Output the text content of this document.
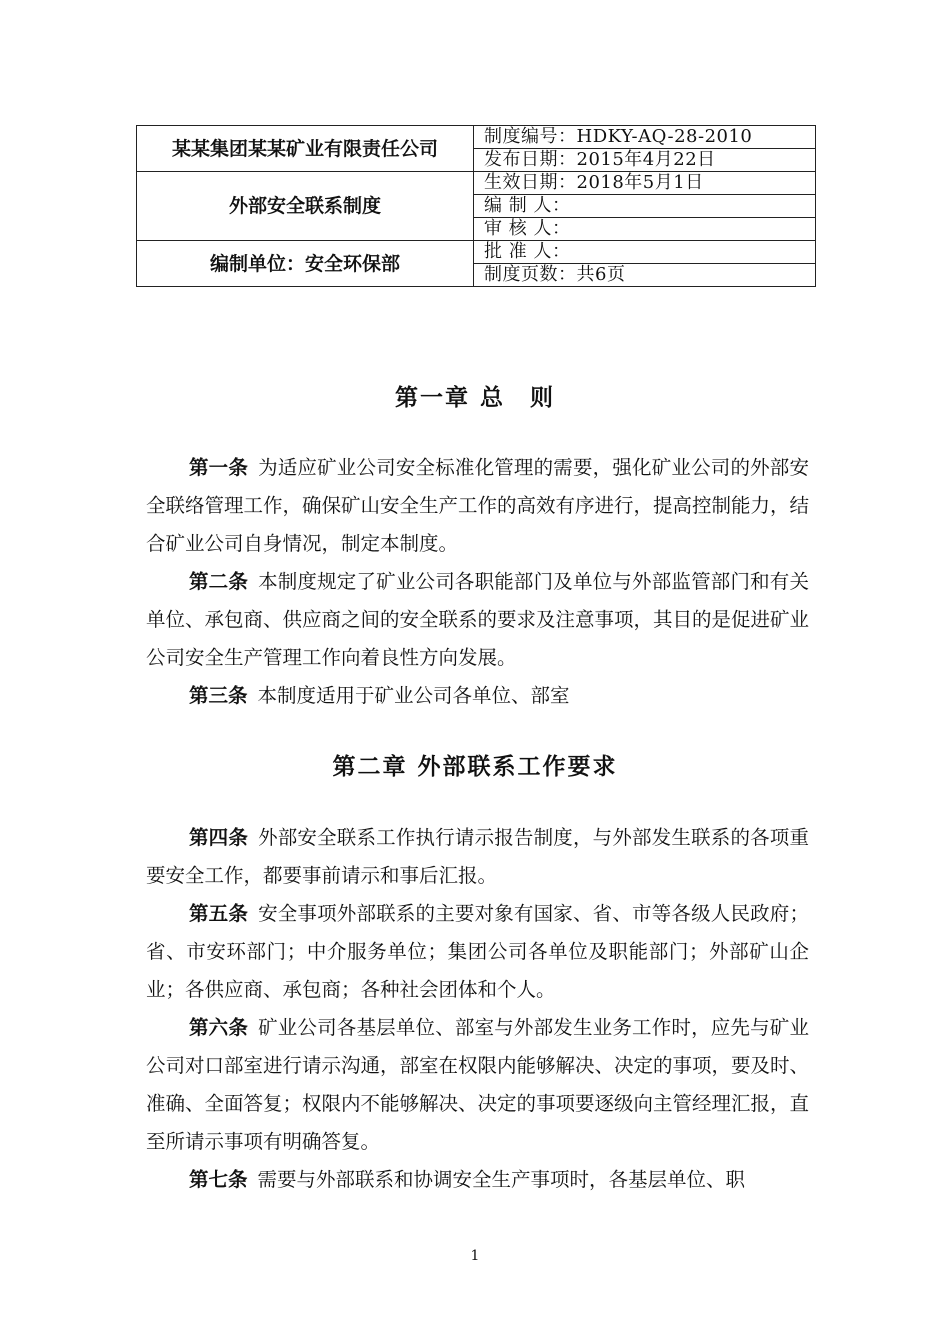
某某集团某某矿业有限责任公司	制度编号：HDKY-AQ-28-2010
	发布日期：2015年4月22日
外部安全联系制度	生效日期：2018年5月1日
	编 制 人：
	审 核 人：
编制单位：安全环保部	批 准 人：
	制度页数：共6页
第一章 总　则

第一条 为适应矿业公司安全标准化管理的需要，强化矿业公司的外部安全联络管理工作，确保矿山安全生产工作的高效有序进行，提高控制能力，结合矿业公司自身情况，制定本制度。

第二条 本制度规定了矿业公司各职能部门及单位与外部监管部门和有关单位、承包商、供应商之间的安全联系的要求及注意事项，其目的是促进矿业公司安全生产管理工作向着良性方向发展。

第三条 本制度适用于矿业公司各单位、部室

第二章 外部联系工作要求

第四条 外部安全联系工作执行请示报告制度，与外部发生联系的各项重要安全工作，都要事前请示和事后汇报。

第五条 安全事项外部联系的主要对象有国家、省、市等各级人民政府；省、市安环部门；中介服务单位；集团公司各单位及职能部门；外部矿山企业；各供应商、承包商；各种社会团体和个人。

第六条 矿业公司各基层单位、部室与外部发生业务工作时，应先与矿业公司对口部室进行请示沟通，部室在权限内能够解决、决定的事项，要及时、准确、全面答复；权限内不能够解决、决定的事项要逐级向主管经理汇报，直至所请示事项有明确答复。

第七条 需要与外部联系和协调安全生产事项时，各基层单位、职

1
